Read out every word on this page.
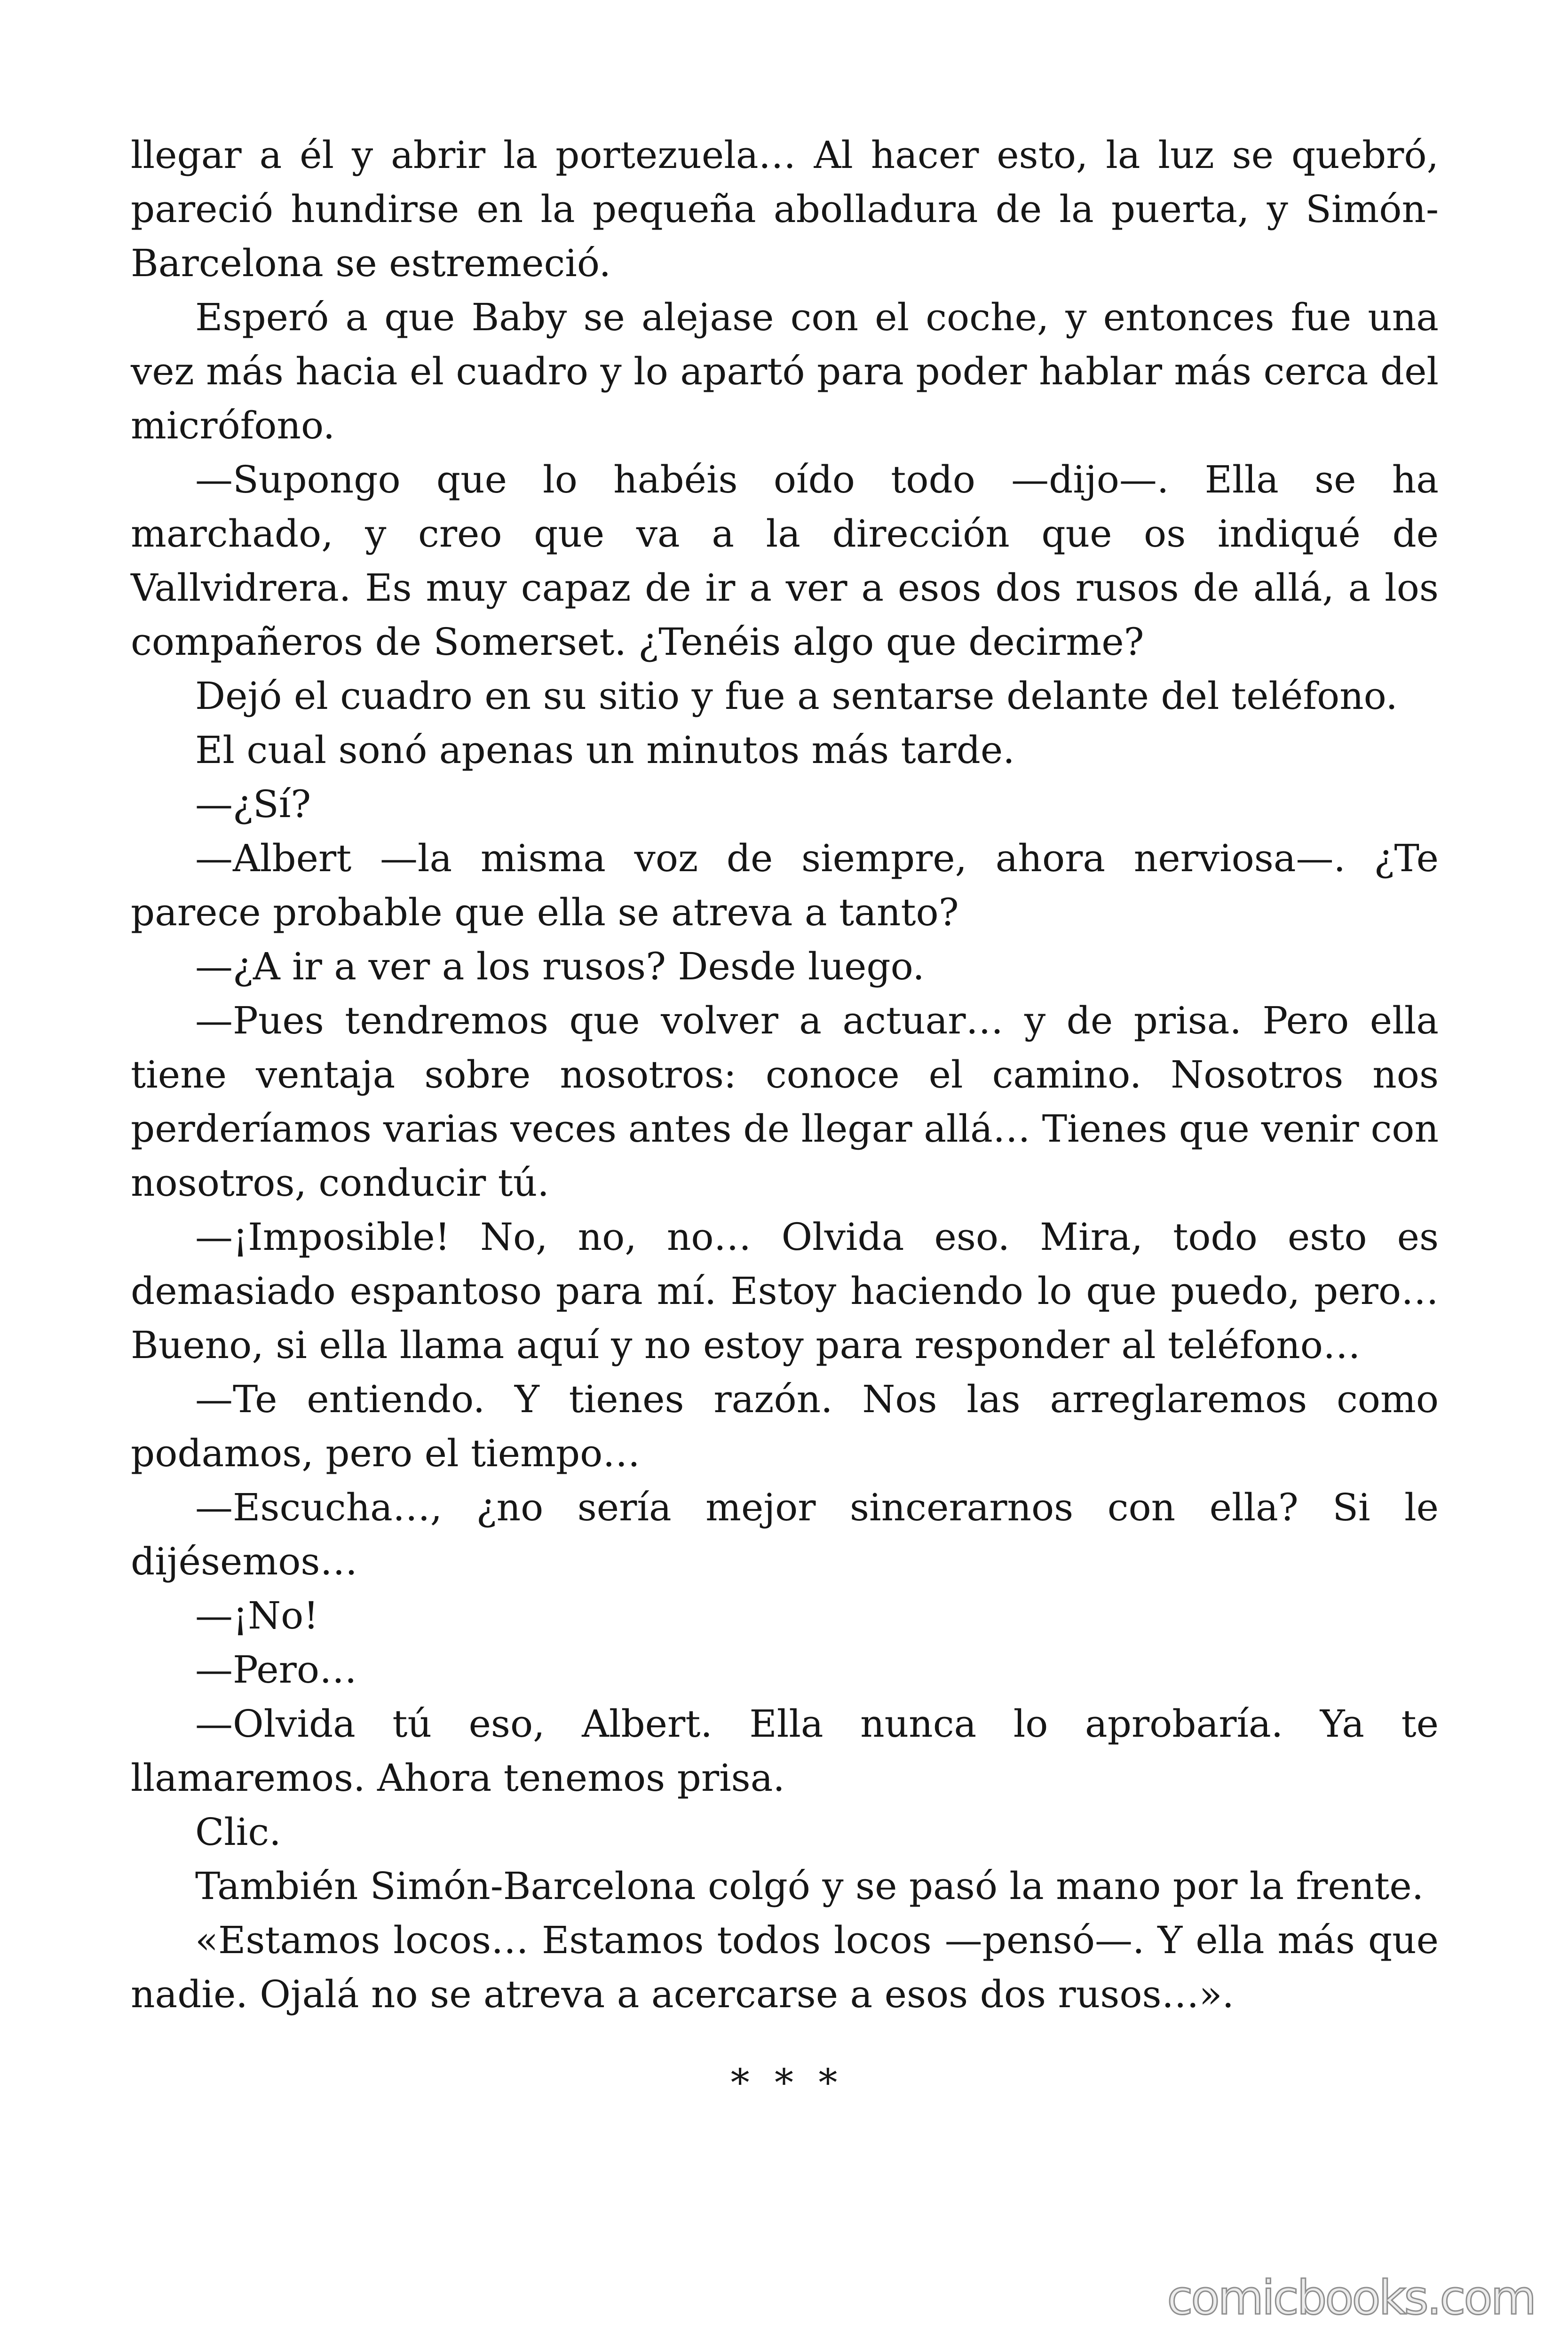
llegar a él y abrir la portezuela… Al hacer esto, la luz se quebró,
pareció hundirse en la pequeña abolladura de la puerta, y Simón-
Barcelona se estremeció.
Esperó a que Baby se alejase con el coche, y entonces fue una
vez más hacia el cuadro y lo apartó para poder hablar más cerca del
micrófono.
—Supongo que lo habéis oído todo —dijo—. Ella se ha
marchado, y creo que va a la dirección que os indiqué de
Vallvidrera. Es muy capaz de ir a ver a esos dos rusos de allá, a los
compañeros de Somerset. ¿Tenéis algo que decirme?
Dejó el cuadro en su sitio y fue a sentarse delante del teléfono.
El cual sonó apenas un minutos más tarde.
—¿Sí?
—Albert —la misma voz de siempre, ahora nerviosa—. ¿Te
parece probable que ella se atreva a tanto?
—¿A ir a ver a los rusos? Desde luego.
—Pues tendremos que volver a actuar… y de prisa. Pero ella
tiene ventaja sobre nosotros: conoce el camino. Nosotros nos
perderíamos varias veces antes de llegar allá… Tienes que venir con
nosotros, conducir tú.
—¡Imposible! No, no, no… Olvida eso. Mira, todo esto es
demasiado espantoso para mí. Estoy haciendo lo que puedo, pero…
Bueno, si ella llama aquí y no estoy para responder al teléfono…
—Te entiendo. Y tienes razón. Nos las arreglaremos como
podamos, pero el tiempo…
—Escucha…, ¿no sería mejor sincerarnos con ella? Si le
dijésemos…
—¡No!
—Pero…
—Olvida tú eso, Albert. Ella nunca lo aprobaría. Ya te
llamaremos. Ahora tenemos prisa.
Clic.
También Simón-Barcelona colgó y se pasó la mano por la frente.
«Estamos locos… Estamos todos locos —pensó—. Y ella más que
nadie. Ojalá no se atreva a acercarse a esos dos rusos…».
* * *
comicbooks.com
